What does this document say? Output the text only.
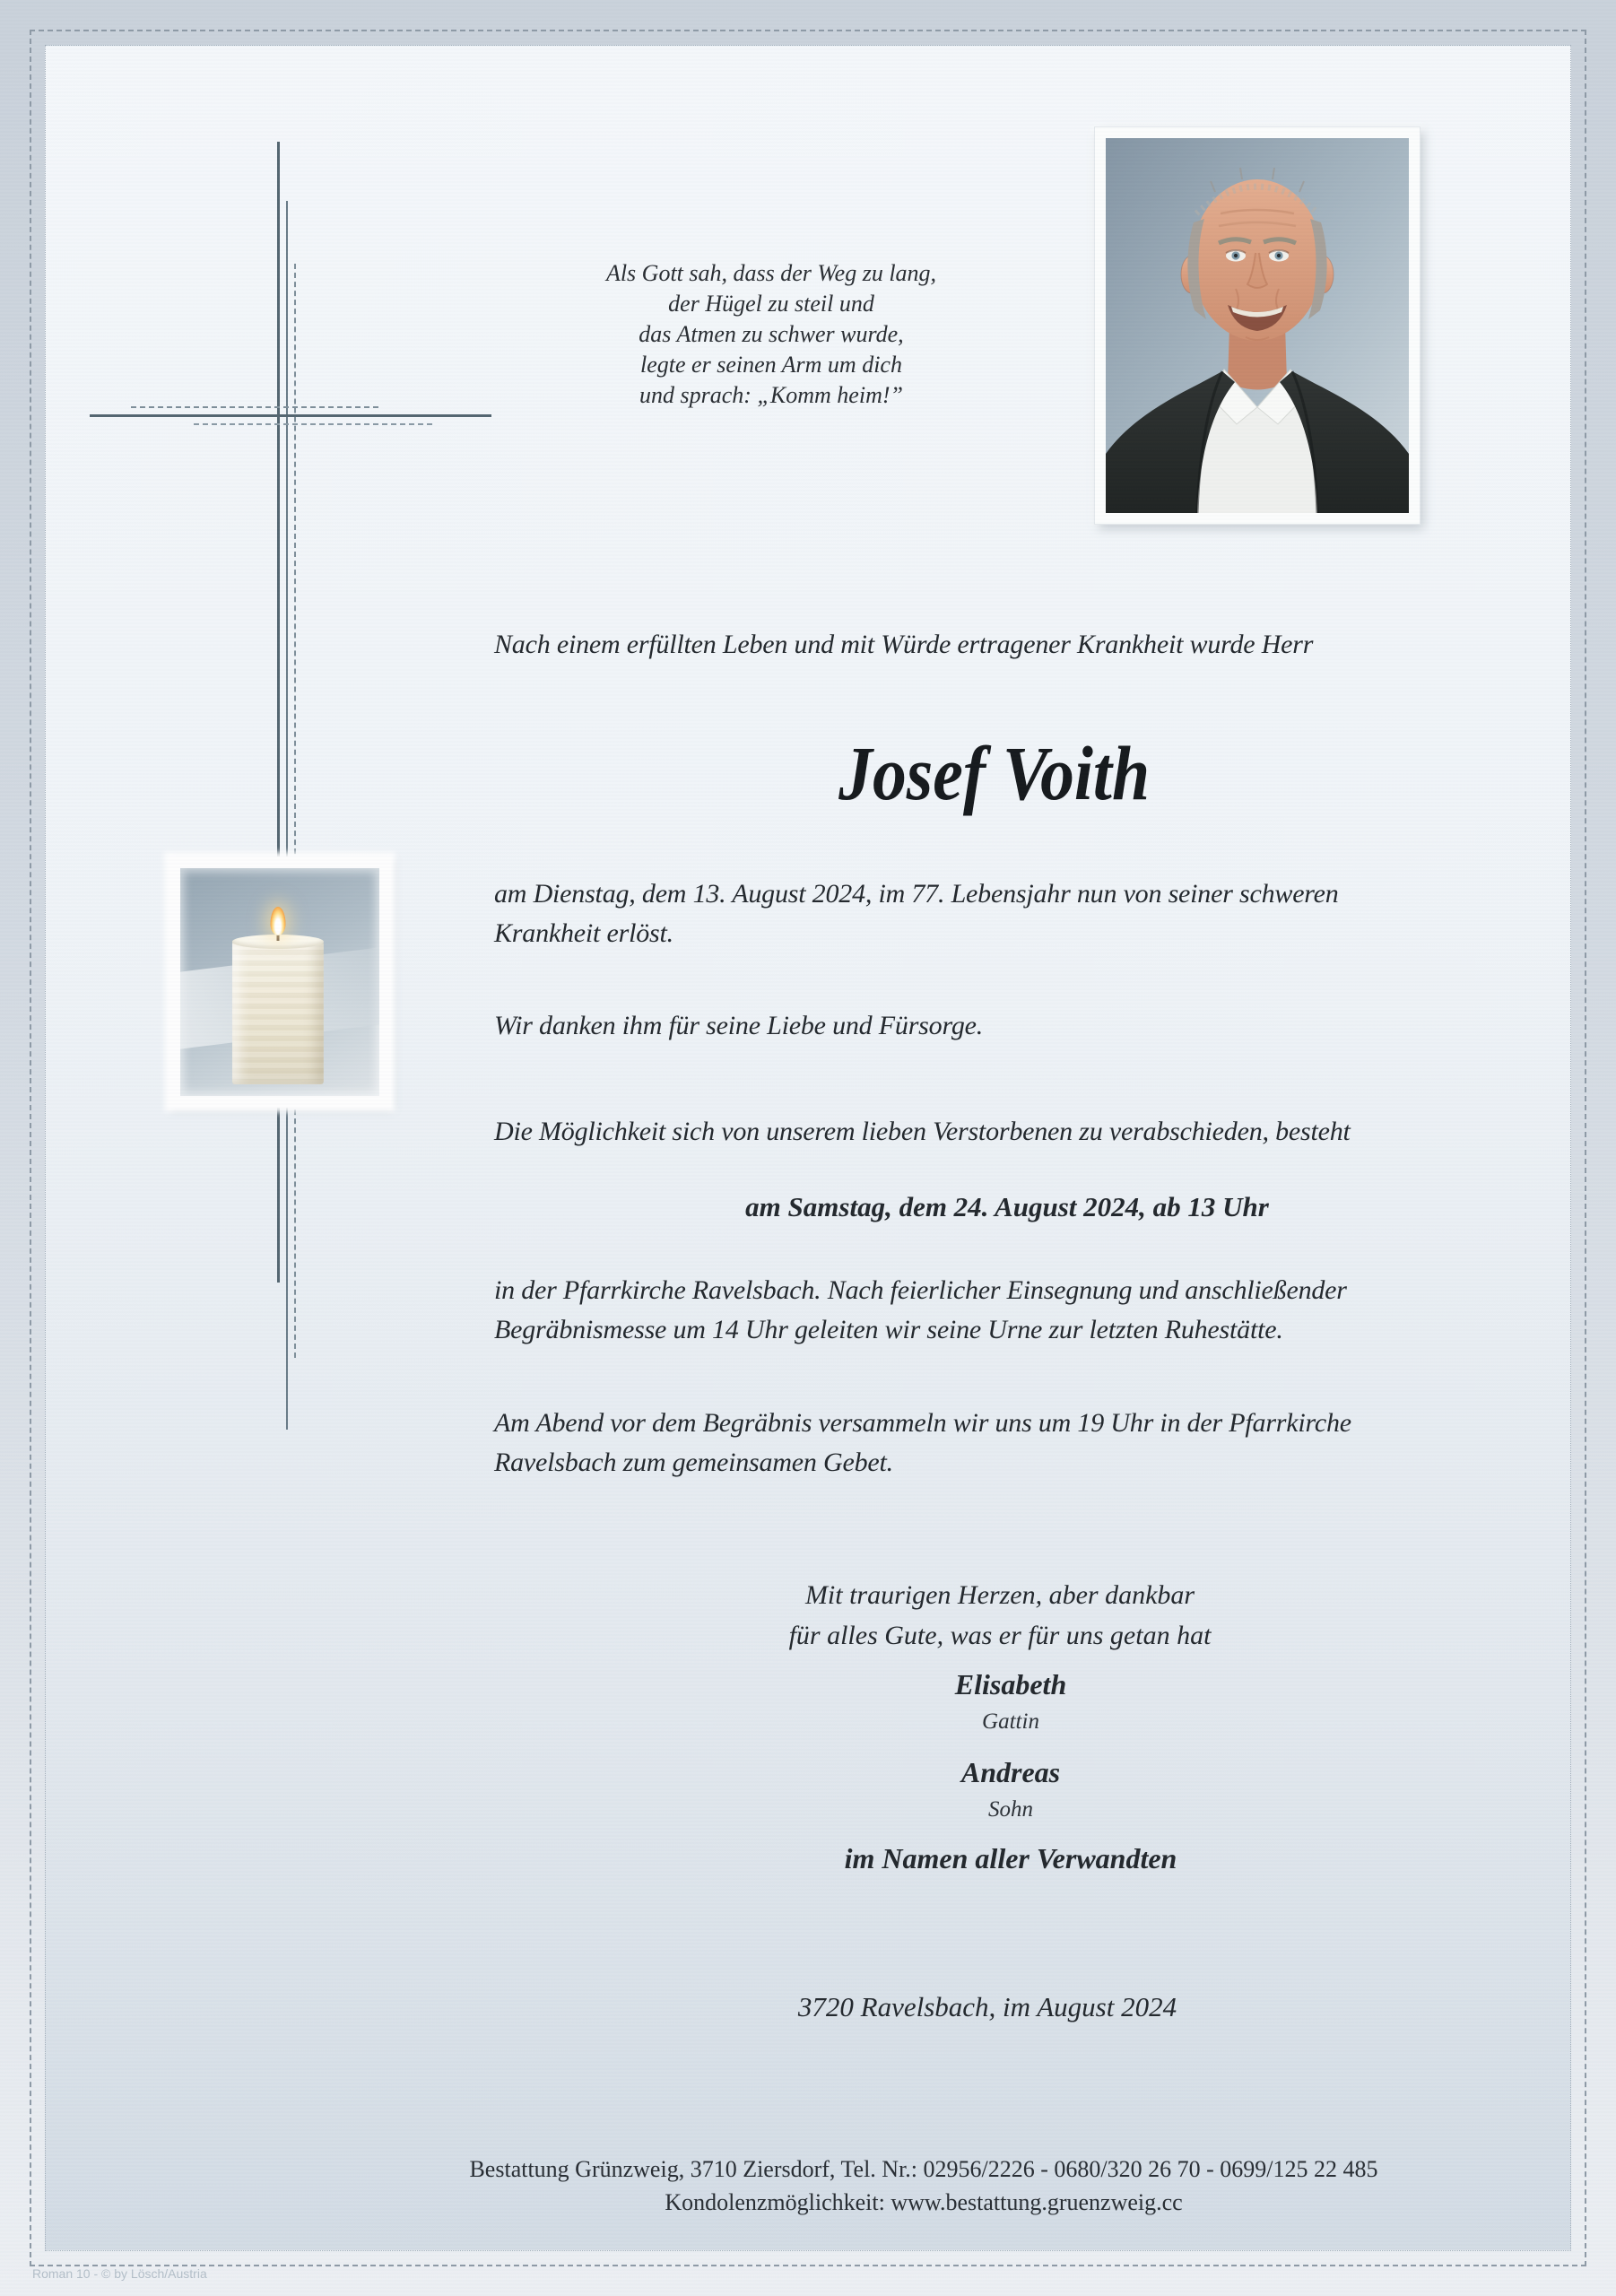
Als Gott sah, dass der Weg zu lang,
der Hügel zu steil und
das Atmen zu schwer wurde,
legte er seinen Arm um dich
und sprach: „Komm heim!”
Nach einem erfüllten Leben und mit Würde ertragener Krankheit wurde Herr
Josef Voith
am Dienstag, dem 13. August 2024, im 77. Lebensjahr nun von seiner schweren
Krankheit erlöst.
Wir danken ihm für seine Liebe und Fürsorge.
Die Möglichkeit sich von unserem lieben Verstorbenen zu verabschieden, besteht
am Samstag, dem 24. August 2024, ab 13 Uhr
in der Pfarrkirche Ravelsbach. Nach feierlicher Einsegnung und anschließender
Begräbnismesse um 14 Uhr geleiten wir seine Urne zur letzten Ruhestätte.
Am Abend vor dem Begräbnis versammeln wir uns um 19 Uhr in der Pfarrkirche
Ravelsbach zum gemeinsamen Gebet.
Mit traurigen Herzen, aber dankbar
für alles Gute, was er für uns getan hat
Elisabeth
Gattin
Andreas
Sohn
im Namen aller Verwandten
3720 Ravelsbach, im August 2024
Bestattung Grünzweig, 3710 Ziersdorf, Tel. Nr.: 02956/2226 - 0680/320 26 70 - 0699/125 22 485
Kondolenzmöglichkeit: www.bestattung.gruenzweig.cc
Roman 10 - © by Lösch/Austria
